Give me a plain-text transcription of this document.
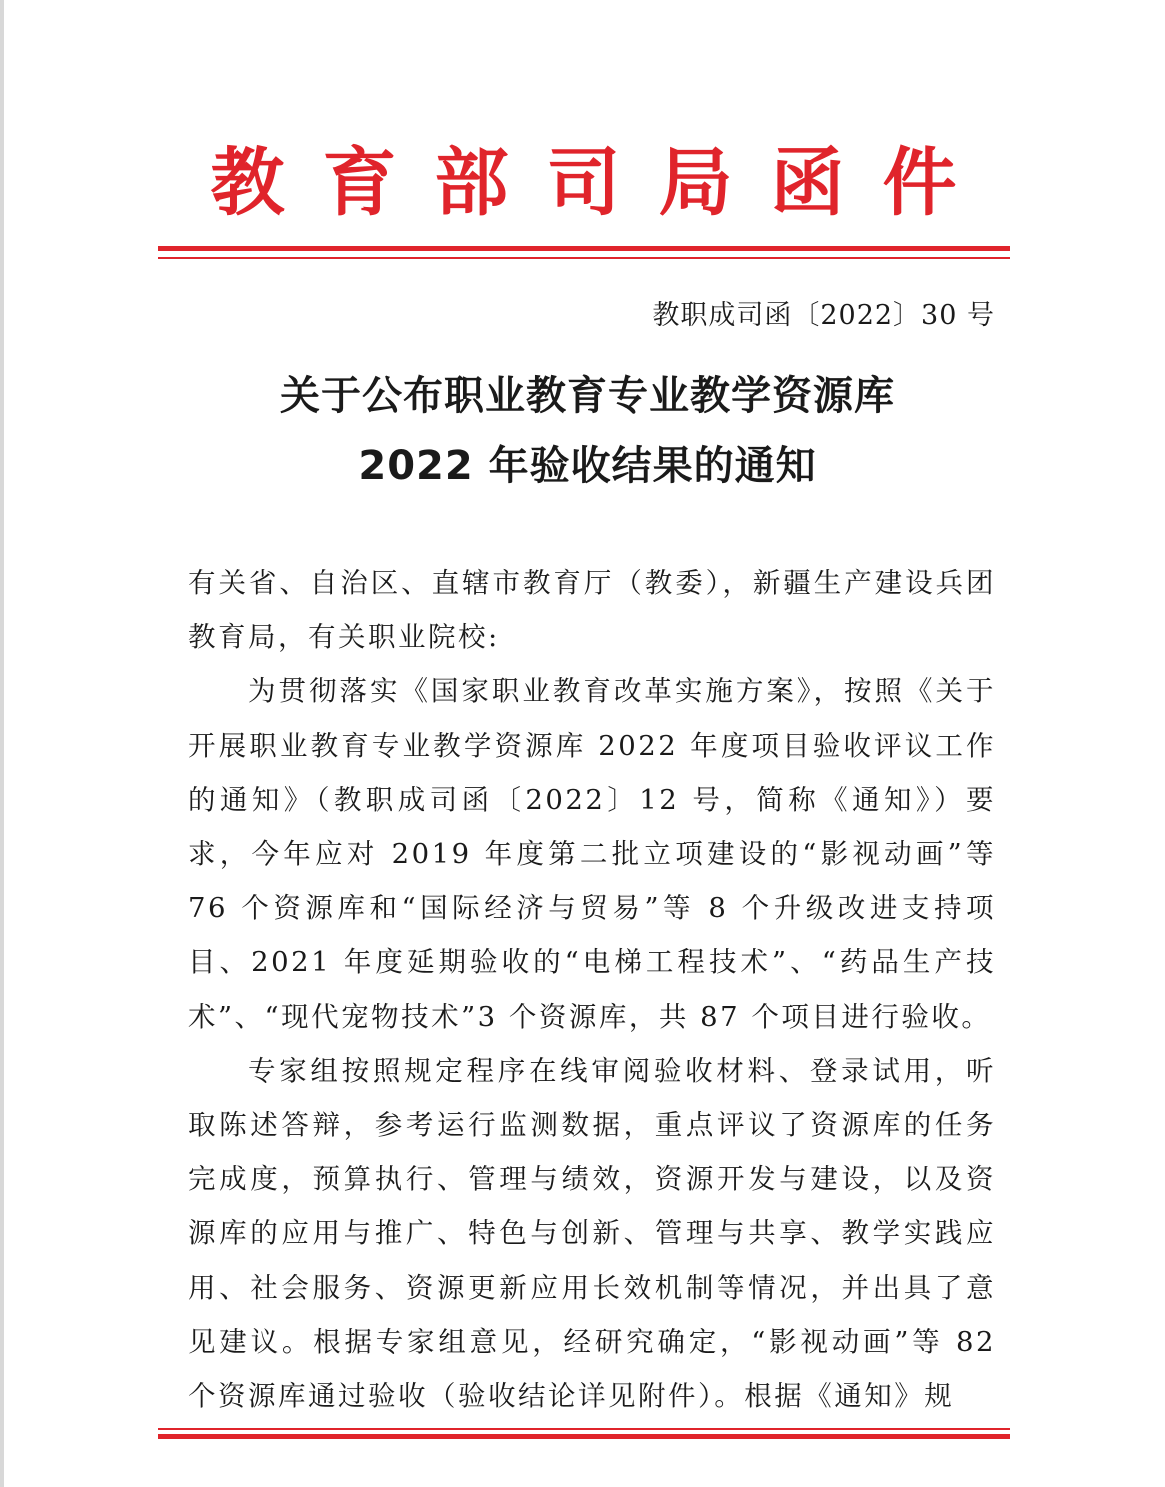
教育部司局函件
教职成司函〔2022〕30 号
关于公布职业教育专业教学资源库
2022 年验收结果的通知

有关省、自治区、直辖市教育厅（教委），新疆生产建设兵团教育局，有关职业院校:

为贯彻落实《国家职业教育改革实施方案》，按照《关于开展职业教育专业教学资源库 2022 年度项目验收评议工作的通知》（教职成司函〔2022〕12 号，简称《通知》）要求，今年应对 2019 年度第二批立项建设的“影视动画”等 76 个资源库和“国际经济与贸易”等 8 个升级改进支持项目、2021 年度延期验收的“电梯工程技术”、“药品生产技术”、“现代宠物技术”3 个资源库，共 87 个项目进行验收。

专家组按照规定程序在线审阅验收材料、登录试用，听取陈述答辩，参考运行监测数据，重点评议了资源库的任务完成度，预算执行、管理与绩效，资源开发与建设，以及资源库的应用与推广、特色与创新、管理与共享、教学实践应用、社会服务、资源更新应用长效机制等情况，并出具了意见建议。根据专家组意见，经研究确定，“影视动画”等 82 个资源库通过验收（验收结论详见附件）。根据《通知》规
